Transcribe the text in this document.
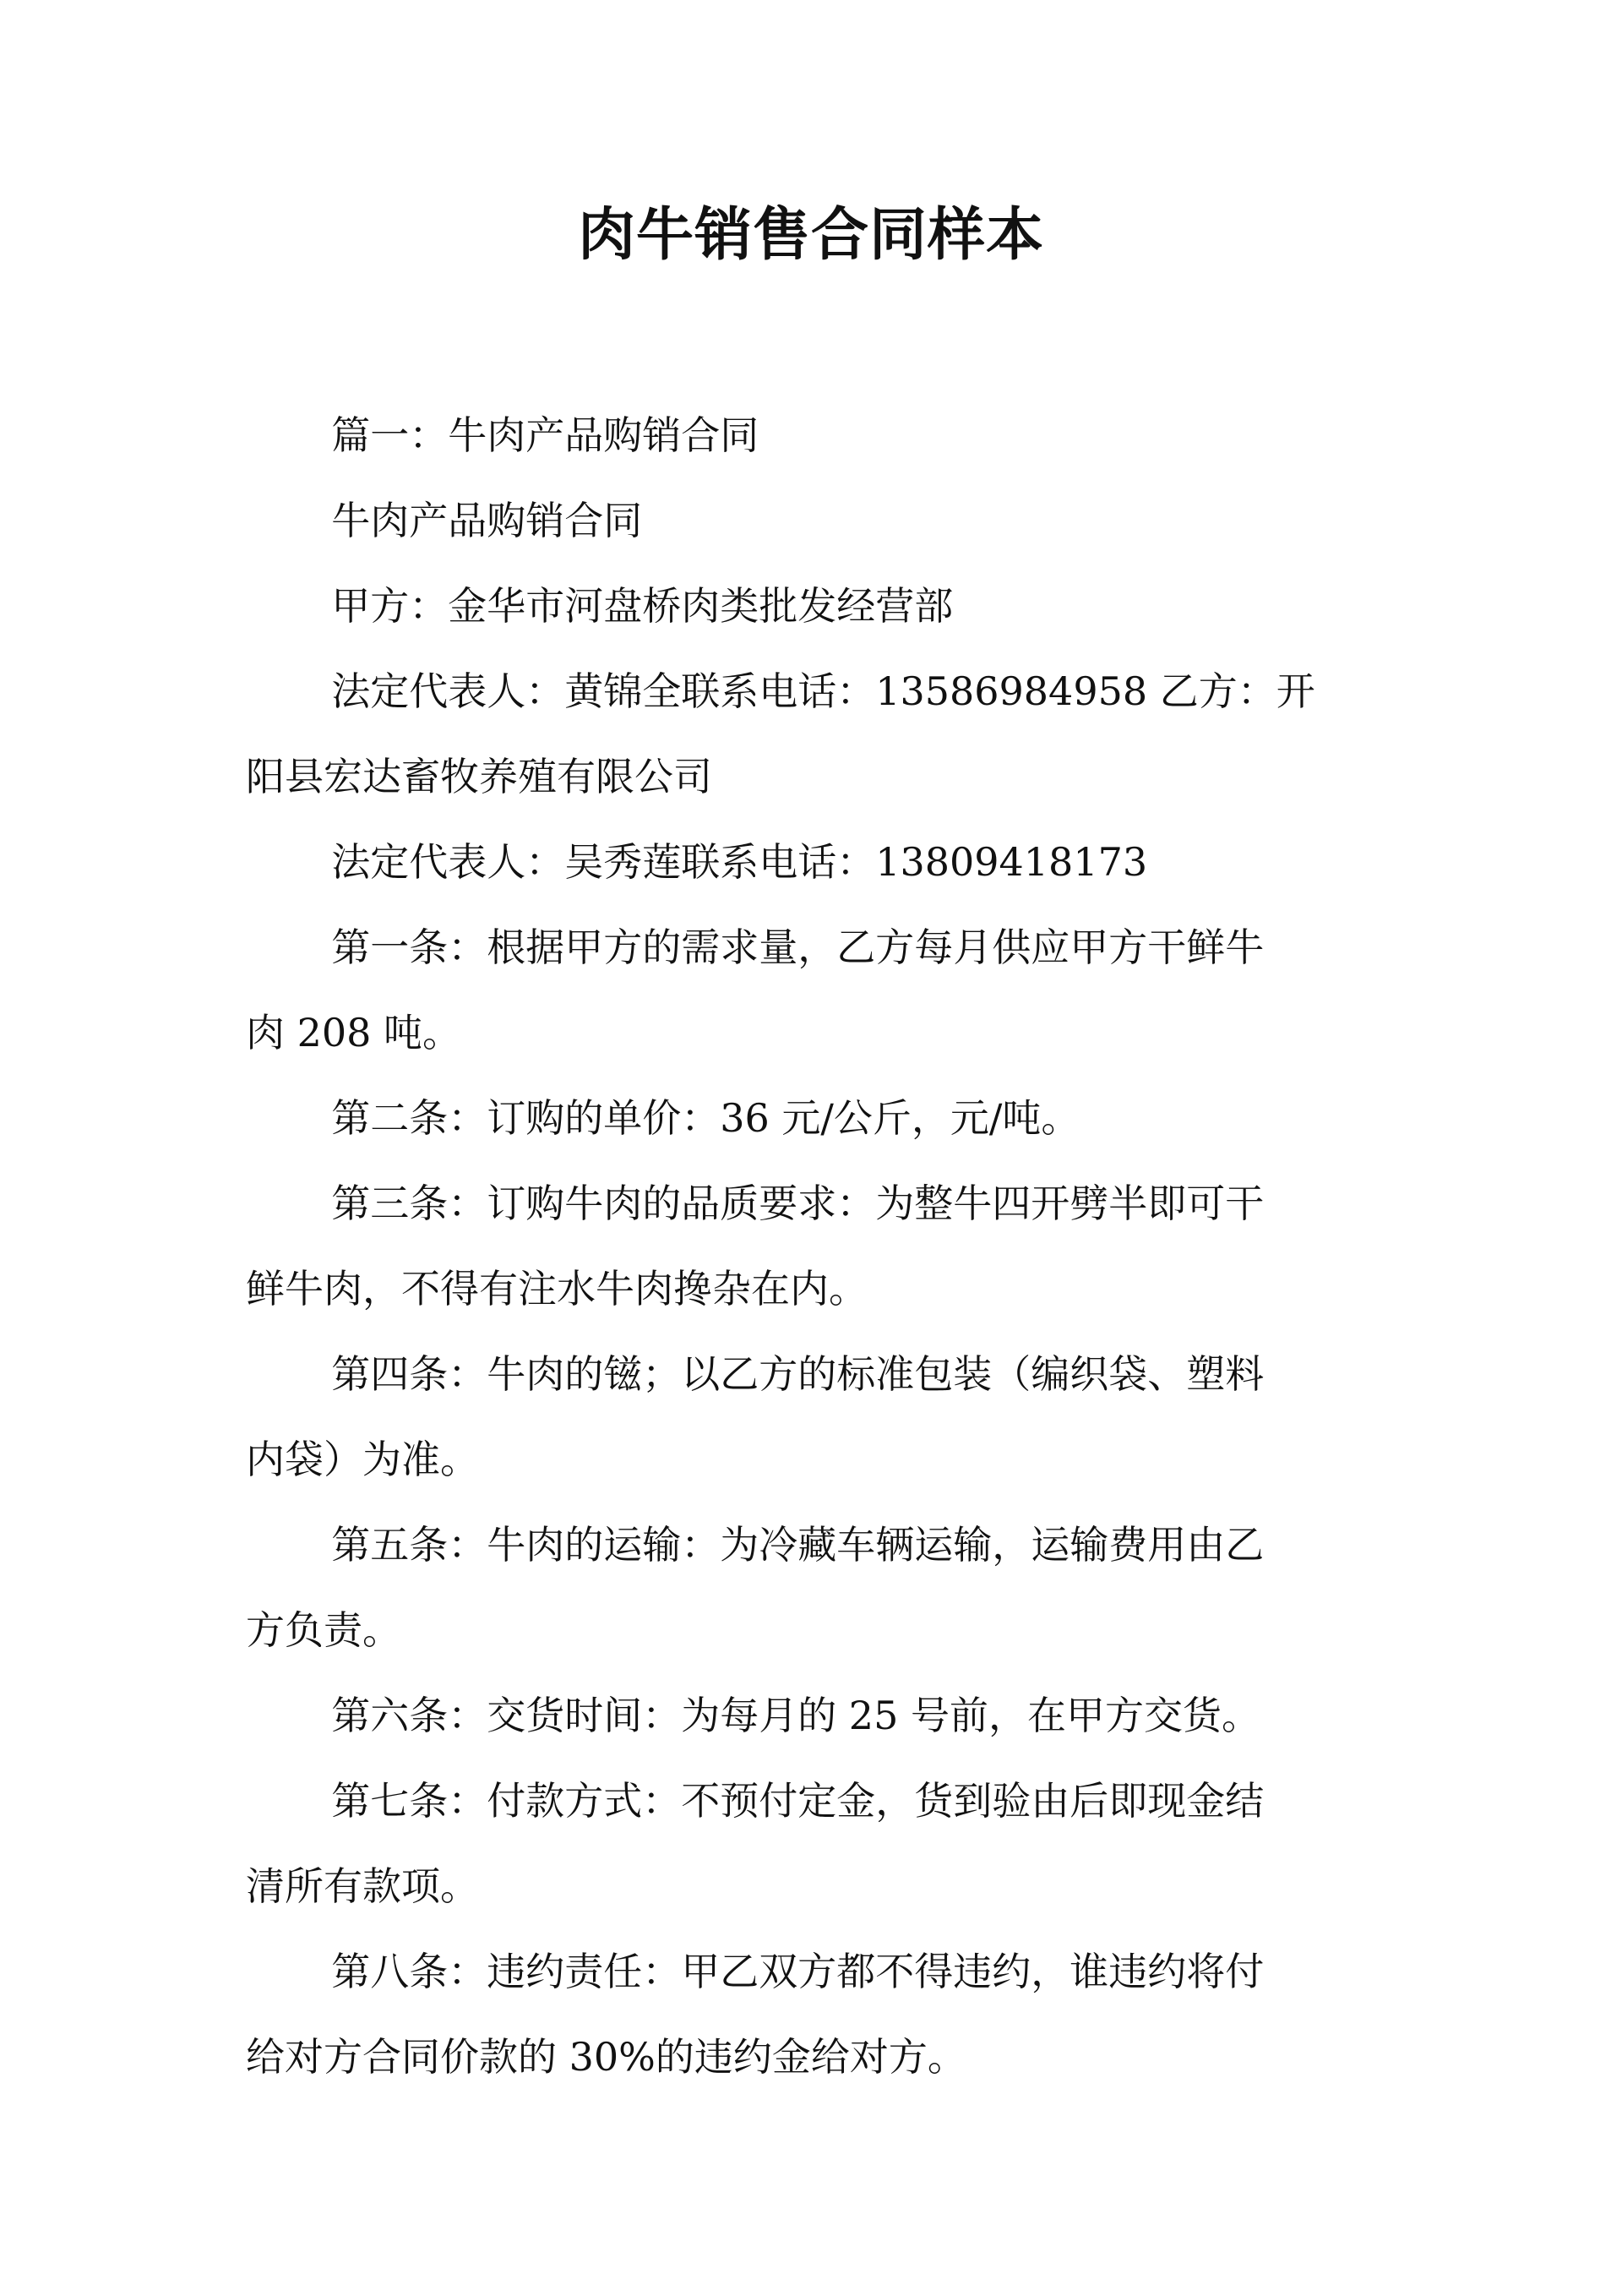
肉牛销售合同样本

篇一：牛肉产品购销合同

牛肉产品购销合同

甲方：金华市河盘桥肉类批发经营部

法定代表人：黄锦全联系电话：13586984958 乙方：开

阳县宏达畜牧养殖有限公司

法定代表人：吴秀莲联系电话：13809418173

第一条：根据甲方的需求量，乙方每月供应甲方干鲜牛

肉 208 吨。

第二条：订购的单价：36 元/公斤，元/吨。

第三条：订购牛肉的品质要求：为整牛四开劈半即可干

鲜牛肉，不得有注水牛肉搀杂在内。

第四条：牛肉的镃；以乙方的标准包装（编织袋、塑料

内袋）为准。

第五条：牛肉的运输：为冷藏车辆运输，运输费用由乙

方负责。

第六条：交货时间：为每月的 25 号前，在甲方交货。

第七条：付款方式：不预付定金，货到验由后即现金结

清所有款项。

第八条：违约责任：甲乙双方都不得违约，谁违约将付

给对方合同价款的 30%的违约金给对方。
